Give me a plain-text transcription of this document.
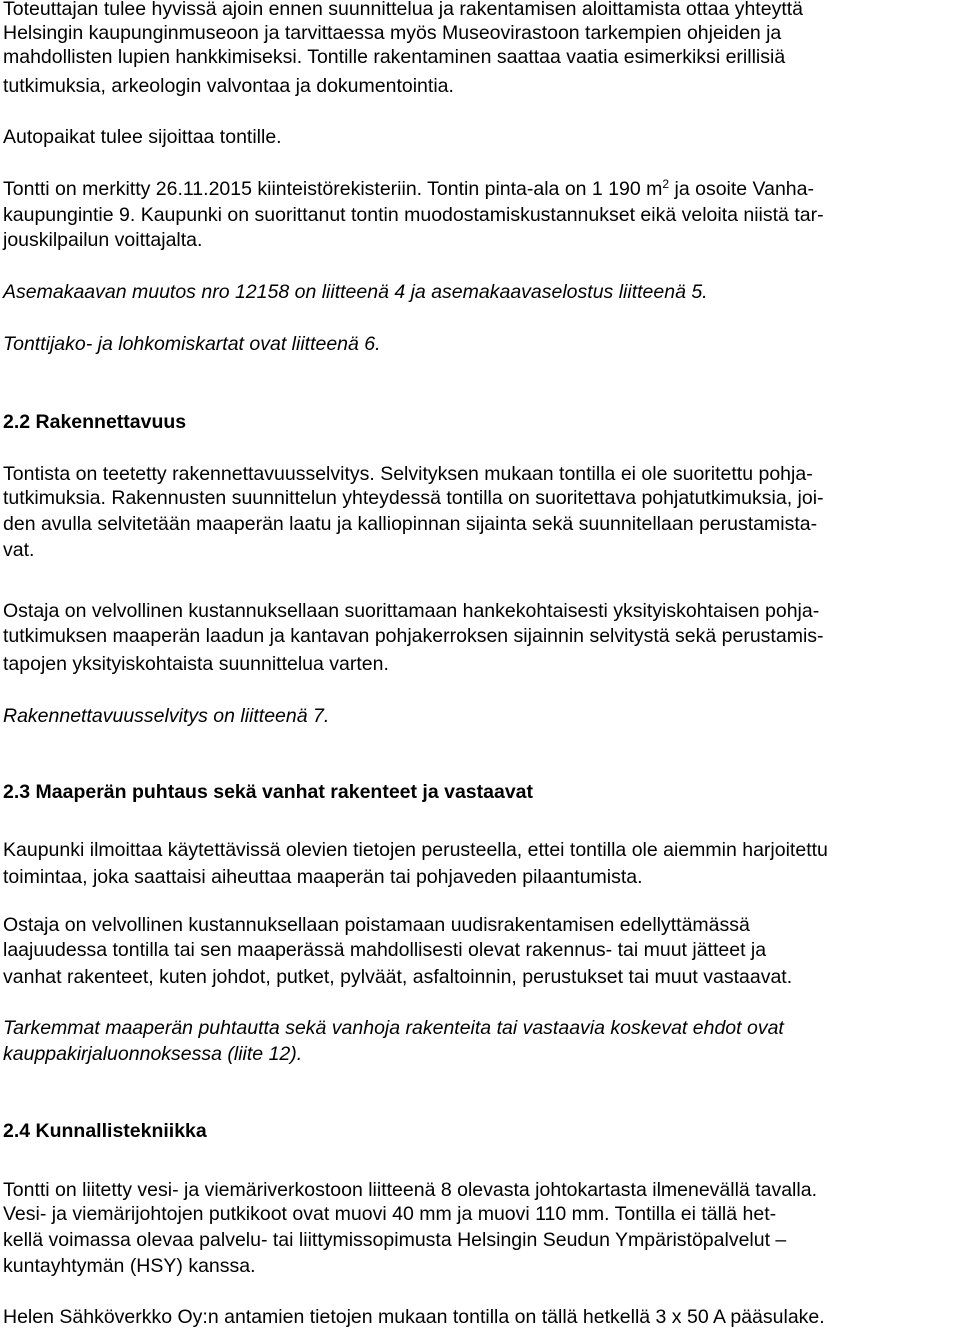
Toteuttajan tulee hyvissä ajoin ennen suunnittelua ja rakentamisen aloittamista ottaa yhteyttä
Helsingin kaupunginmuseoon ja tarvittaessa myös Museovirastoon tarkempien ohjeiden ja
mahdollisten lupien hankkimiseksi. Tontille rakentaminen saattaa vaatia esimerkiksi erillisiä
tutkimuksia, arkeologin valvontaa ja dokumentointia.
Autopaikat tulee sijoittaa tontille.
Tontti on merkitty 26.11.2015 kiinteistörekisteriin. Tontin pinta-ala on 1 190 $m^2$ ja osoite Vanha-
kaupungintie 9. Kaupunki on suorittanut tontin muodostamiskustannukset eikä veloita niistä tar-
jouskilpailun voittajalta.
Asemakaavan muutos nro 12158 on liitteenä 4 ja asemakaavaselostus liitteenä 5.
Tonttijako- ja lohkomiskartat ovat liitteenä 6.
2.2 Rakennettavuus
Tontista on teetetty rakennettavuusselvitys. Selvityksen mukaan tontilla ei ole suoritettu pohja-
tutkimuksia. Rakennusten suunnittelun yhteydessä tontilla on suoritettava pohjatutkimuksia, joi-
den avulla selvitetään maaperän laatu ja kalliopinnan sijainta sekä suunnitellaan perustamista-
vat.
Ostaja on velvollinen kustannuksellaan suorittamaan hankekohtaisesti yksityiskohtaisen pohja-
tutkimuksen maaperän laadun ja kantavan pohjakerroksen sijainnin selvitystä sekä perustamis-
tapojen yksityiskohtaista suunnittelua varten.
Rakennettavuusselvitys on liitteenä 7.
2.3 Maaperän puhtaus sekä vanhat rakenteet ja vastaavat
Kaupunki ilmoittaa käytettävissä olevien tietojen perusteella, ettei tontilla ole aiemmin harjoitettu
toimintaa, joka saattaisi aiheuttaa maaperän tai pohjaveden pilaantumista.
Ostaja on velvollinen kustannuksellaan poistamaan uudisrakentamisen edellyttämässä
laajuudessa tontilla tai sen maaperässä mahdollisesti olevat rakennus- tai muut jätteet ja
vanhat rakenteet, kuten johdot, putket, pylväät, asfaltoinnin, perustukset tai muut vastaavat.
Tarkemmat maaperän puhtautta sekä vanhoja rakenteita tai vastaavia koskevat ehdot ovat
kauppakirjaluonnoksessa (liite 12).
2.4 Kunnallistekniikka
Tontti on liitetty vesi- ja viemäriverkostoon liitteenä 8 olevasta johtokartasta ilmenevällä tavalla.
Vesi- ja viemärijohtojen putkikoot ovat muovi 40 mm ja muovi 110 mm. Tontilla ei tällä het-
kellä voimassa olevaa palvelu- tai liittymissopimusta Helsingin Seudun Ympäristöpalvelut –
kuntayhtymän (HSY) kanssa.
Helen Sähköverkko Oy:n antamien tietojen mukaan tontilla on tällä hetkellä 3 x 50 A pääsulake.
